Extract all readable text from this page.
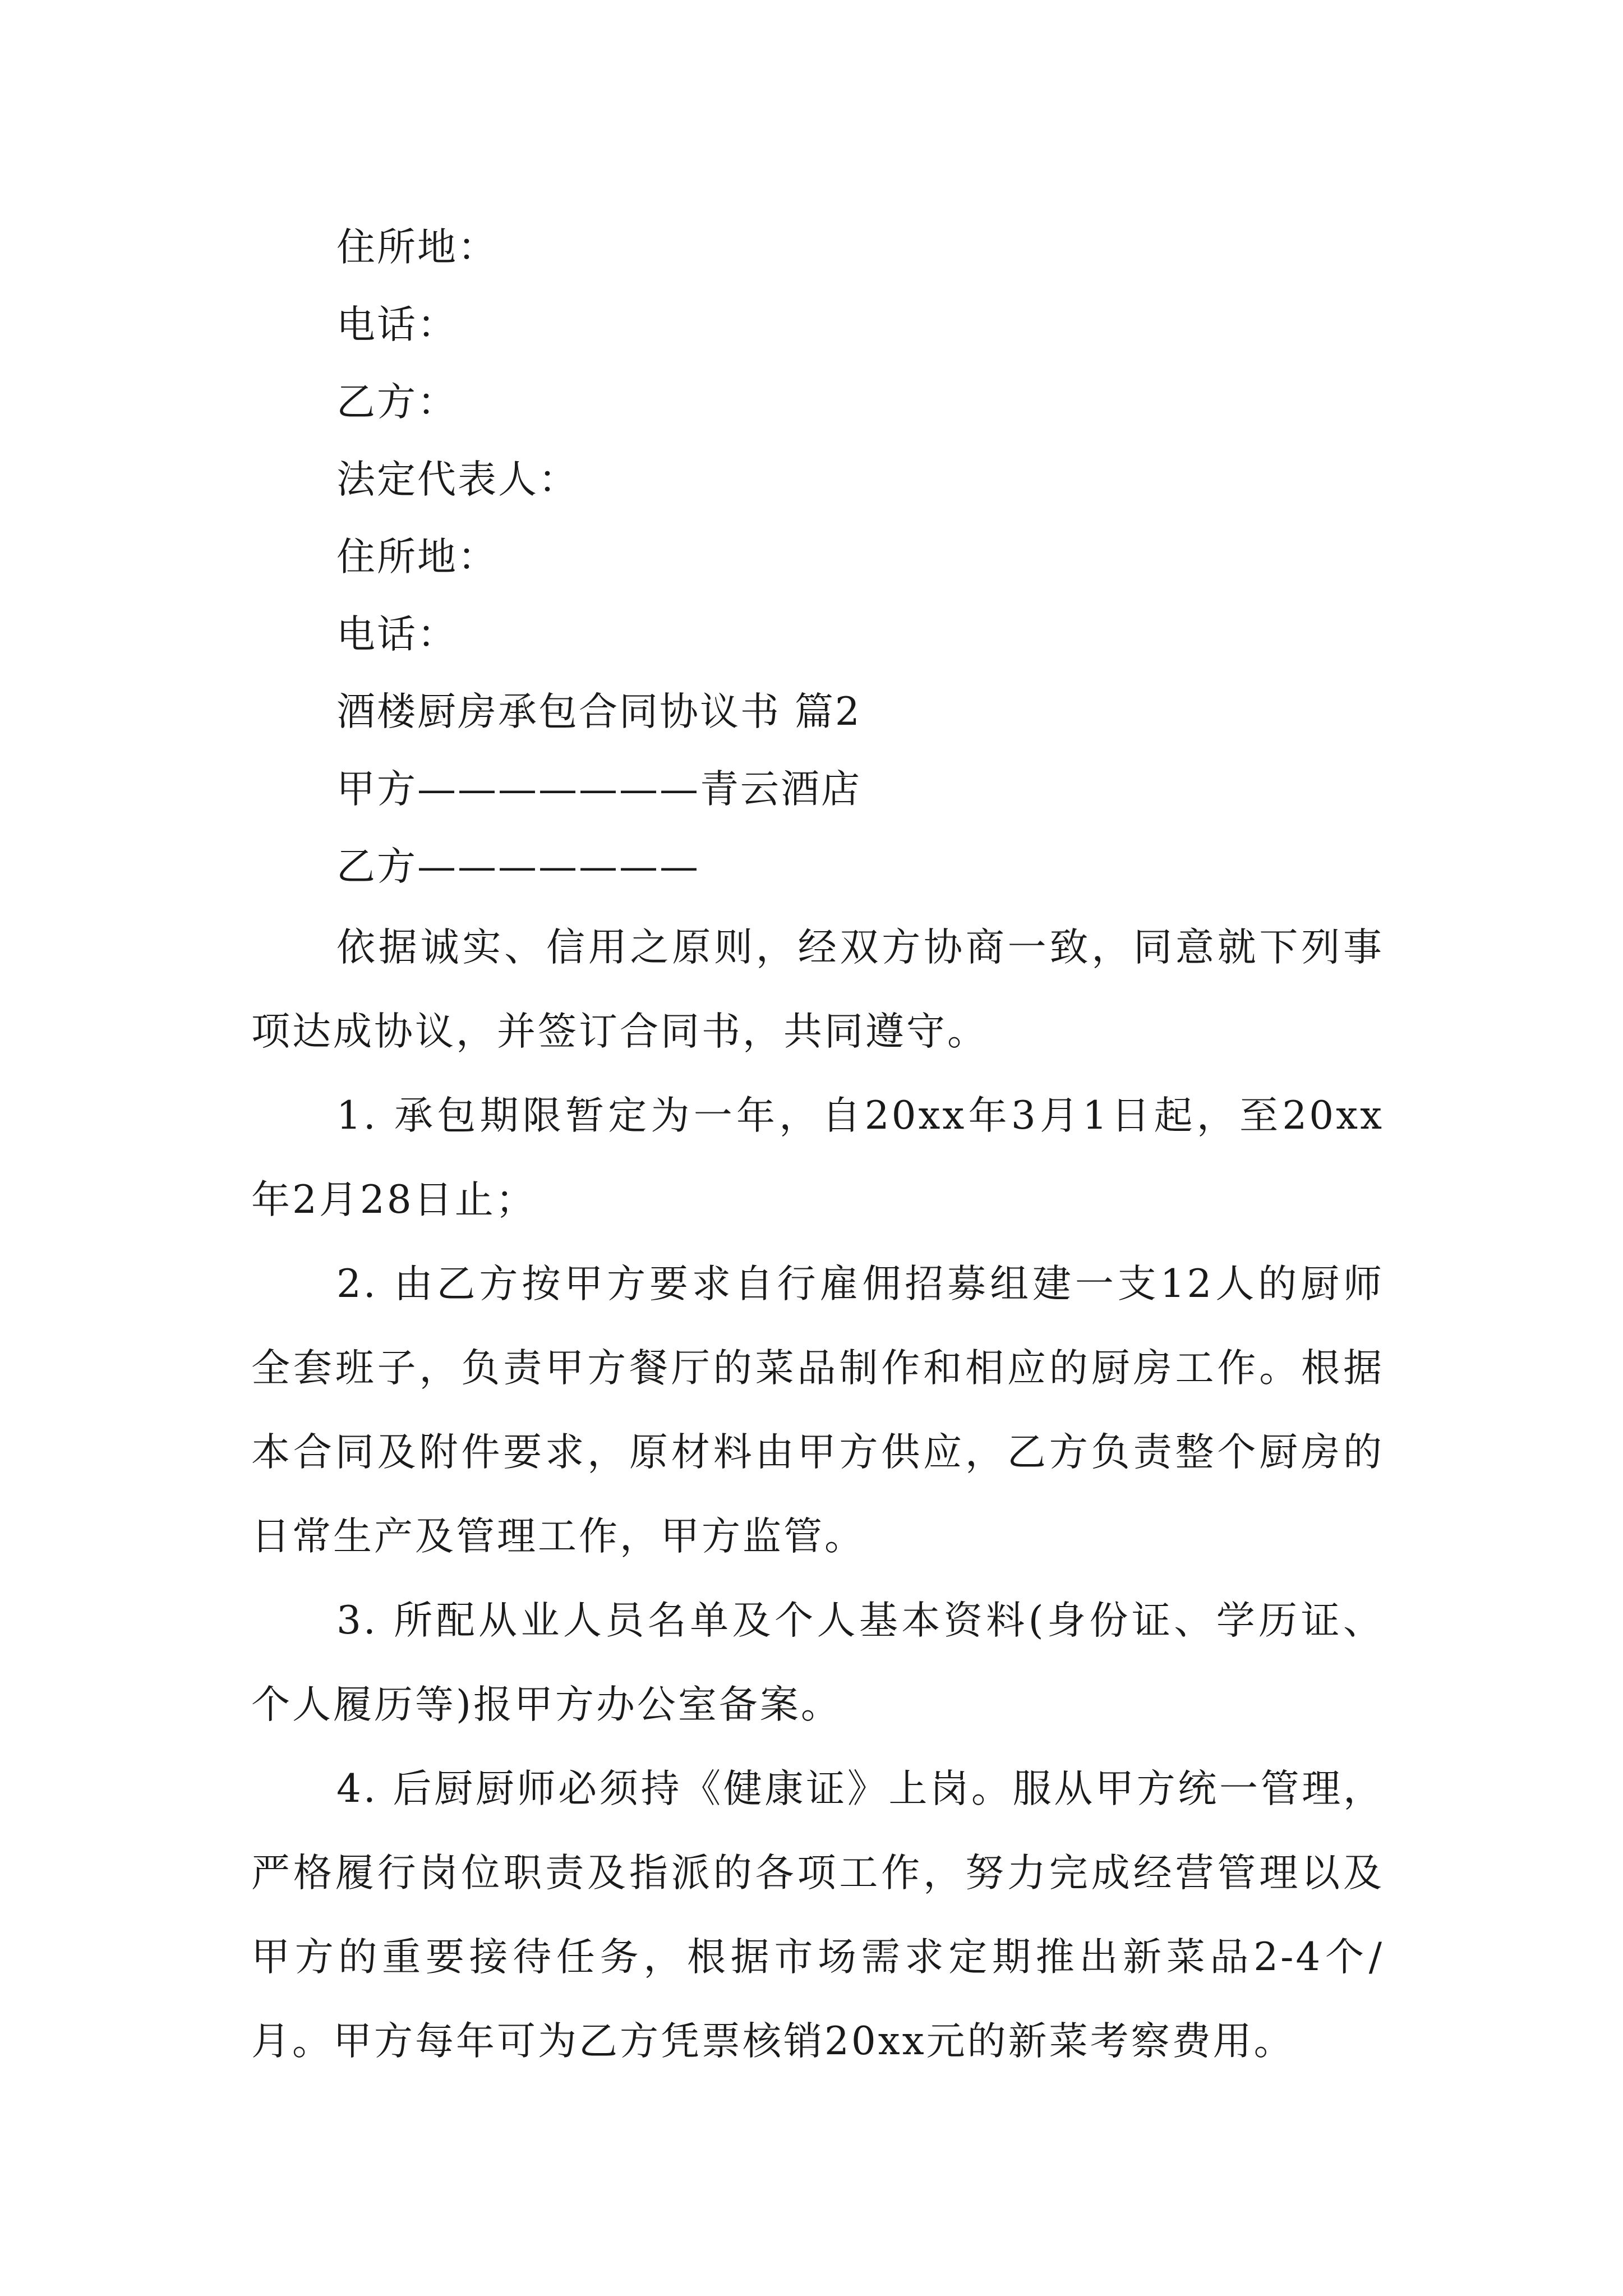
住所地：

电话：

乙方：

法定代表人：

住所地：

电话：

酒楼厨房承包合同协议书 篇2

甲方———————青云酒店

乙方———————

依据诚实、信用之原则，经双方协商一致，同意就下列事项达成协议，并签订合同书，共同遵守。

1. 承包期限暂定为一年，自20xx年3月1日起，至20xx年2月28日止；

2. 由乙方按甲方要求自行雇佣招募组建一支12人的厨师全套班子，负责甲方餐厅的菜品制作和相应的厨房工作。根据本合同及附件要求，原材料由甲方供应，乙方负责整个厨房的日常生产及管理工作，甲方监管。

3. 所配从业人员名单及个人基本资料(身份证、学历证、个人履历等)报甲方办公室备案。

4. 后厨厨师必须持《健康证》上岗。服从甲方统一管理，严格履行岗位职责及指派的各项工作，努力完成经营管理以及甲方的重要接待任务，根据市场需求定期推出新菜品2-4个/月。甲方每年可为乙方凭票核销20xx元的新菜考察费用。
